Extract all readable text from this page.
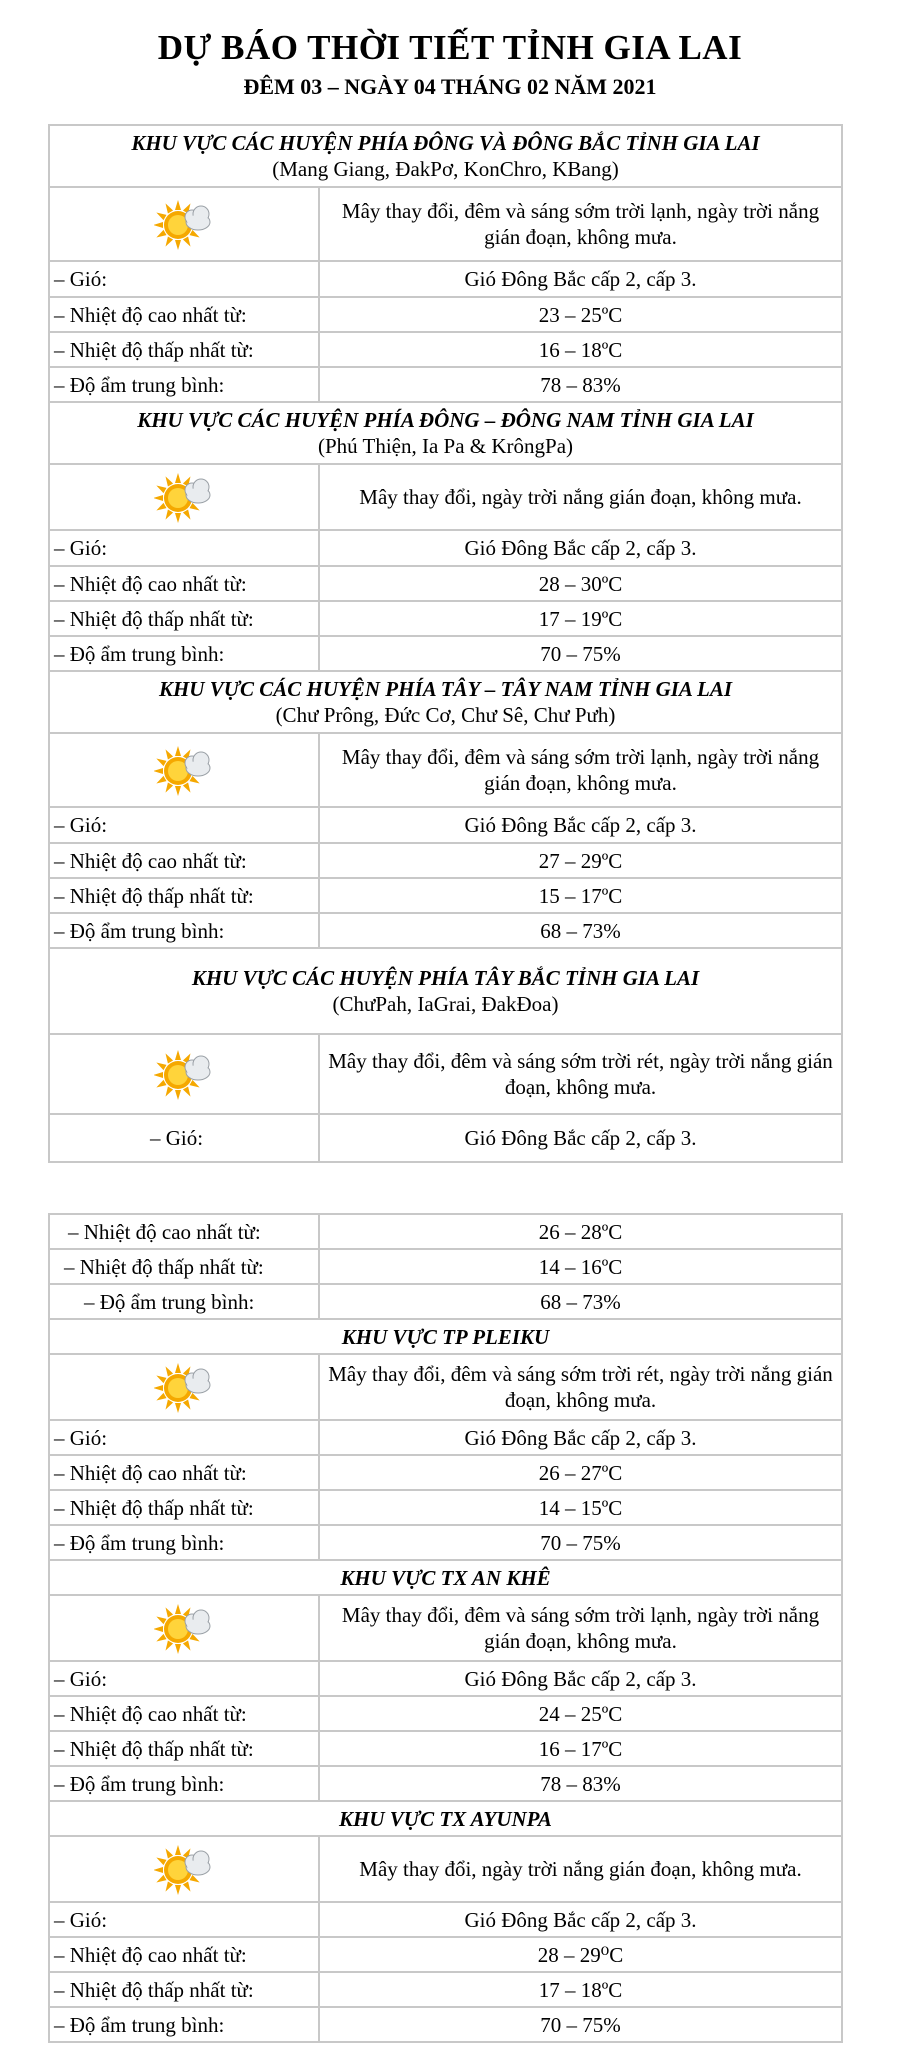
DỰ BÁO THỜI TIẾT TỈNH GIA LAI
ĐÊM 03 – NGÀY 04 THÁNG 02 NĂM 2021
KHU VỰC CÁC HUYỆN PHÍA ĐÔNG VÀ ĐÔNG BẮC TỈNH GIA LAI
(Mang Giang, ĐakPơ, KonChro, KBang)	

	Mây thay đổi, đêm và sáng sớm trời lạnh, ngày trời nắng gián đoạn, không mưa.
– Gió:	Gió Đông Bắc cấp 2, cấp 3.
– Nhiệt độ cao nhất từ:	23 – 25ºC
– Nhiệt độ thấp nhất từ:	16 – 18ºC
– Độ ẩm trung bình:	78 – 83%

KHU VỰC CÁC HUYỆN PHÍA ĐÔNG – ĐÔNG NAM TỈNH GIA LAI
(Phú Thiện, Ia Pa & KrôngPa)	

	Mây thay đổi, ngày trời nắng gián đoạn, không mưa.
– Gió:	Gió Đông Bắc cấp 2, cấp 3.
– Nhiệt độ cao nhất từ:	28 – 30ºC
– Nhiệt độ thấp nhất từ:	17 – 19ºC
– Độ ẩm trung bình:	70 – 75%

KHU VỰC CÁC HUYỆN PHÍA TÂY – TÂY NAM TỈNH GIA LAI
(Chư Prông, Đức Cơ, Chư Sê, Chư Pưh)	

	Mây thay đổi, đêm và sáng sớm trời lạnh, ngày trời nắng gián đoạn, không mưa.
– Gió:	Gió Đông Bắc cấp 2, cấp 3.
– Nhiệt độ cao nhất từ:	27 – 29ºC
– Nhiệt độ thấp nhất từ:	15 – 17ºC
– Độ ẩm trung bình:	68 – 73%

KHU VỰC CÁC HUYỆN PHÍA TÂY BẮC TỈNH GIA LAI
(ChưPah, IaGrai, ĐakĐoa)	

	Mây thay đổi, đêm và sáng sớm trời rét, ngày trời nắng gián đoạn, không mưa.
– Gió:	Gió Đông Bắc cấp 2, cấp 3.
– Nhiệt độ cao nhất từ:	26 – 28ºC
– Nhiệt độ thấp nhất từ:	14 – 16ºC
– Độ ẩm trung bình:	68 – 73%

KHU VỰC TP PLEIKU	

	Mây thay đổi, đêm và sáng sớm trời rét, ngày trời nắng gián đoạn, không mưa.
– Gió:	Gió Đông Bắc cấp 2, cấp 3.
– Nhiệt độ cao nhất từ:	26 – 27ºC
– Nhiệt độ thấp nhất từ:	14 – 15ºC
– Độ ẩm trung bình:	70 – 75%

KHU VỰC TX AN KHÊ	

	Mây thay đổi, đêm và sáng sớm trời lạnh, ngày trời nắng gián đoạn, không mưa.
– Gió:	Gió Đông Bắc cấp 2, cấp 3.
– Nhiệt độ cao nhất từ:	24 – 25ºC
– Nhiệt độ thấp nhất từ:	16 – 17ºC
– Độ ẩm trung bình:	78 – 83%

KHU VỰC TX AYUNPA	

	Mây thay đổi, ngày trời nắng gián đoạn, không mưa.
– Gió:	Gió Đông Bắc cấp 2, cấp 3.
– Nhiệt độ cao nhất từ:	28 – 29⁰C
– Nhiệt độ thấp nhất từ:	17 – 18ºC
– Độ ẩm trung bình:	70 – 75%
